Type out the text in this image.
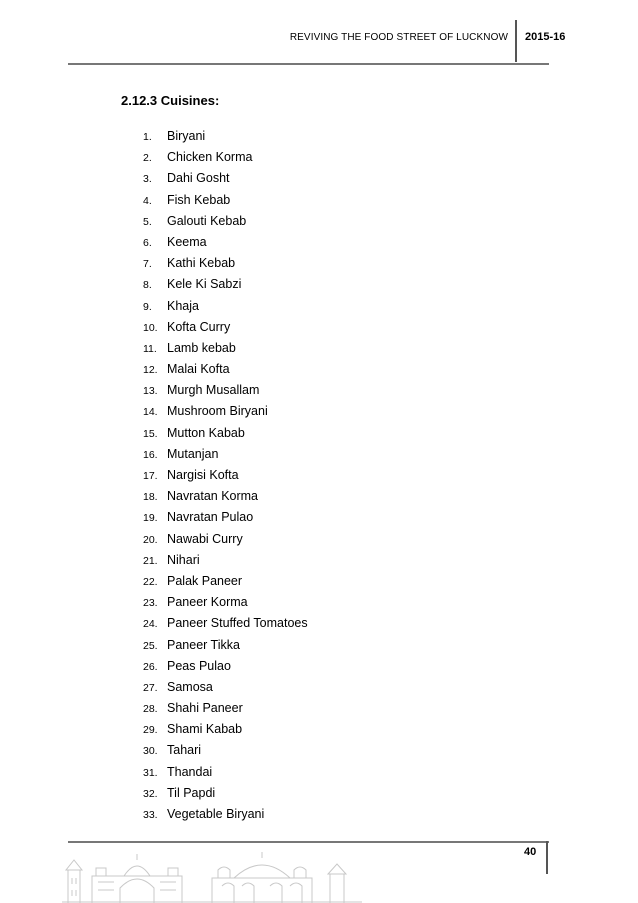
REVIVING THE FOOD STREET OF LUCKNOW 2015-16
2.12.3 Cuisines:
1. Biryani
2. Chicken Korma
3. Dahi Gosht
4. Fish Kebab
5. Galouti Kebab
6. Keema
7. Kathi Kebab
8. Kele Ki Sabzi
9. Khaja
10. Kofta Curry
11. Lamb kebab
12. Malai Kofta
13. Murgh Musallam
14. Mushroom Biryani
15. Mutton Kabab
16. Mutanjan
17. Nargisi Kofta
18. Navratan Korma
19. Navratan Pulao
20. Nawabi Curry
21. Nihari
22. Palak Paneer
23. Paneer Korma
24. Paneer Stuffed Tomatoes
25. Paneer Tikka
26. Peas Pulao
27. Samosa
28. Shahi Paneer
29. Shami Kabab
30. Tahari
31. Thandai
32. Til Papdi
33. Vegetable Biryani
40
